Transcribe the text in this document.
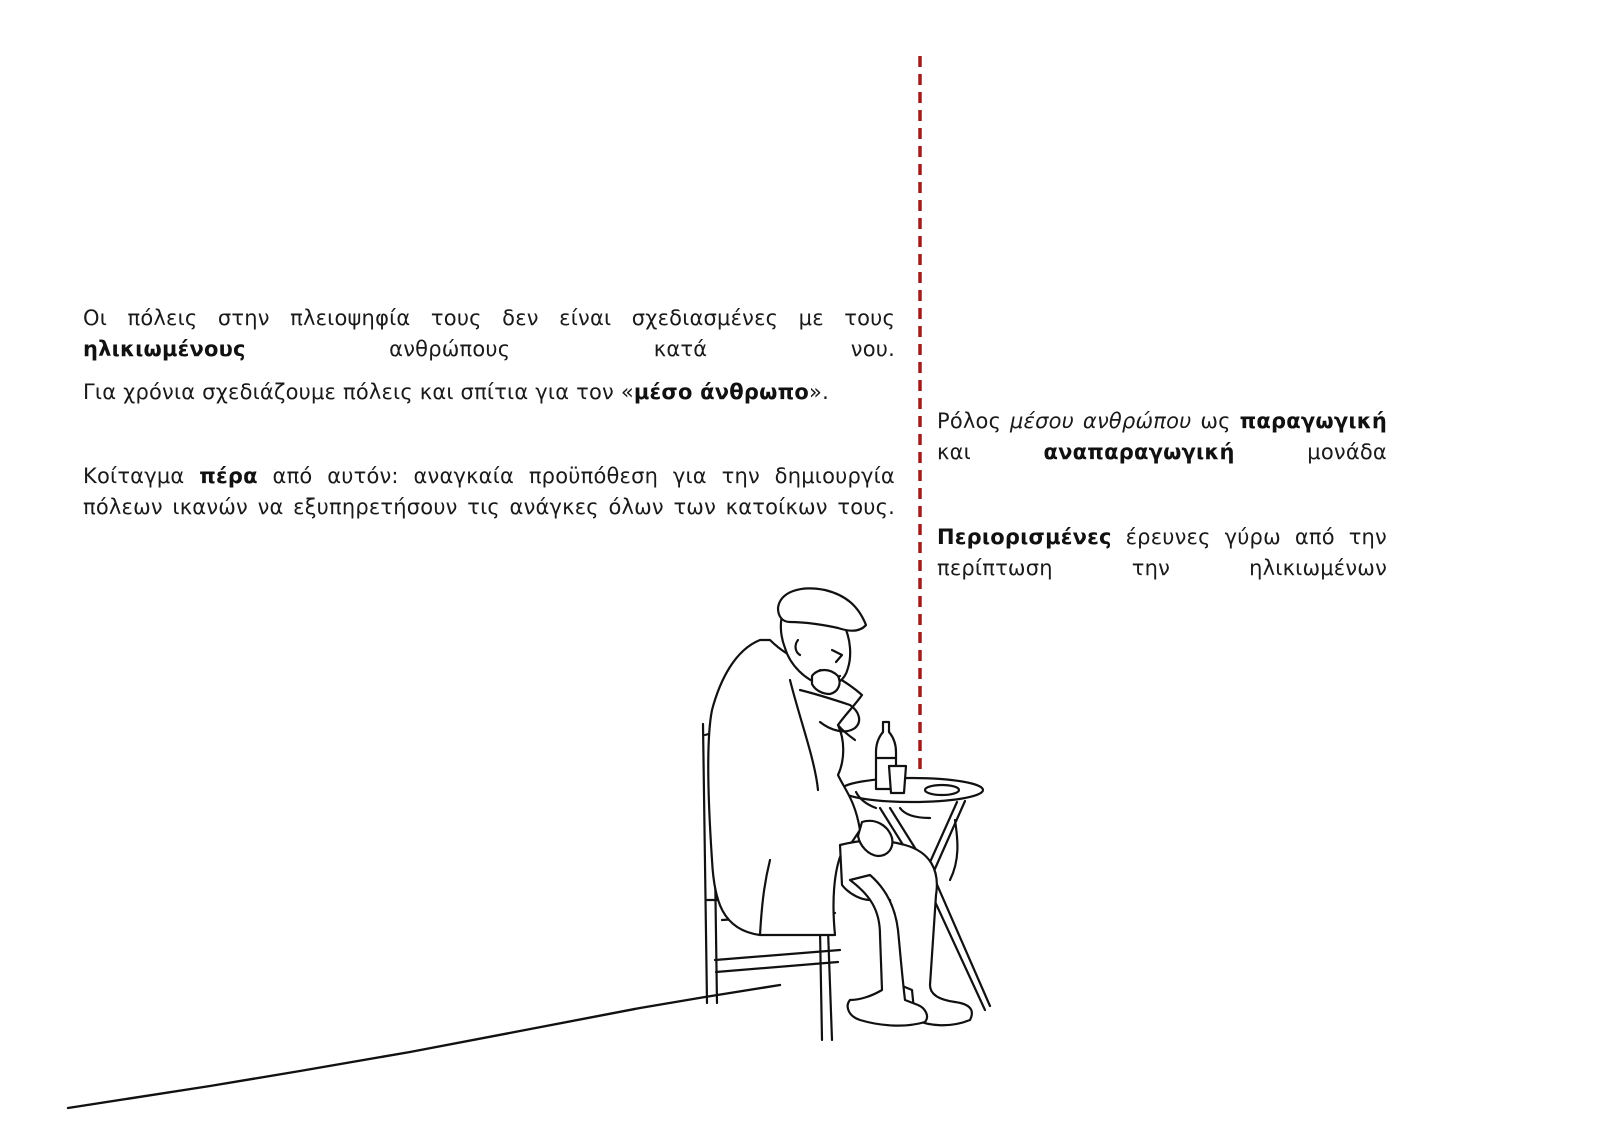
Οι πόλεις στην πλειοψηφία τους δεν είναι σχεδιασμένες με τους ηλικιωμένους ανθρώπους κατά νου.

Για χρόνια σχεδιάζουμε πόλεις και σπίτια για τον «μέσο άνθρωπο».

Κοίταγμα πέρα από αυτόν: αναγκαία προϋπόθεση για την δημιουργία πόλεων ικανών να εξυπηρετήσουν τις ανάγκες όλων των κατοίκων τους.

Ρόλος μέσου ανθρώπου ως παραγωγική και αναπαραγωγική μονάδα

Περιορισμένες έρευνες γύρω από την περίπτωση την ηλικιωμένων
